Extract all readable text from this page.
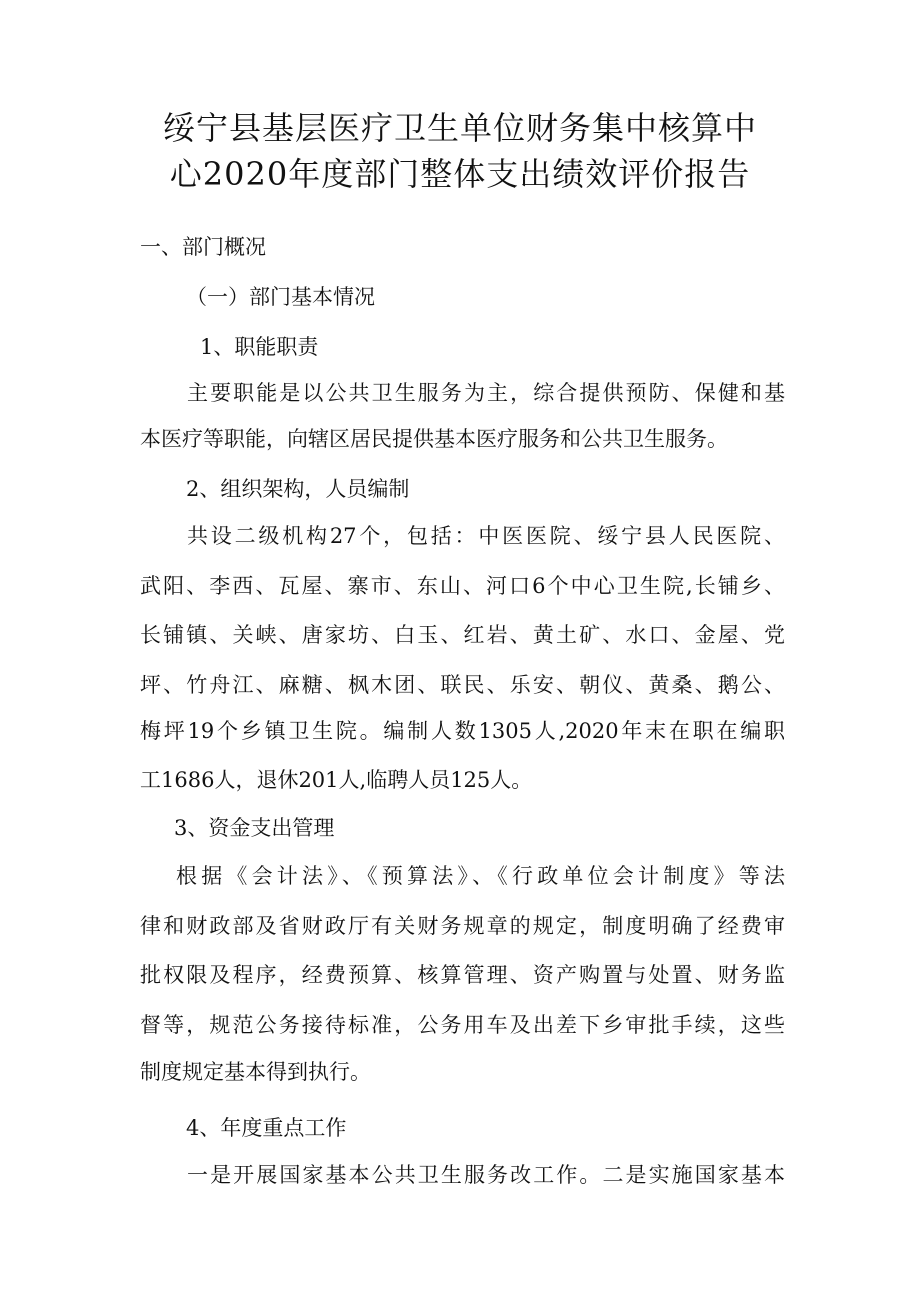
绥宁县基层医疗卫生单位财务集中核算中
心2020年度部门整体支出绩效评价报告

一、部门概况

（一）部门基本情况

1、职能职责

主要职能是以公共卫生服务为主，综合提供预防、保健和基

本医疗等职能，向辖区居民提供基本医疗服务和公共卫生服务。

2、组织架构，人员编制

共设二级机构27个，包括：中医医院、绥宁县人民医院、

武阳、李西、瓦屋、寨市、东山、河口6个中心卫生院,长铺乡、

长铺镇、关峡、唐家坊、白玉、红岩、黄土矿、水口、金屋、党

坪、竹舟江、麻糖、枫木团、联民、乐安、朝仪、黄桑、鹅公、

梅坪19个乡镇卫生院。编制人数1305人,2020年末在职在编职

工1686人，退休201人,临聘人员125人。

3、资金支出管理

根据《会计法》、《预算法》、《行政单位会计制度》等法

律和财政部及省财政厅有关财务规章的规定，制度明确了经费审

批权限及程序，经费预算、核算管理、资产购置与处置、财务监

督等，规范公务接待标准，公务用车及出差下乡审批手续，这些

制度规定基本得到执行。

4、年度重点工作

一是开展国家基本公共卫生服务改工作。二是实施国家基本
